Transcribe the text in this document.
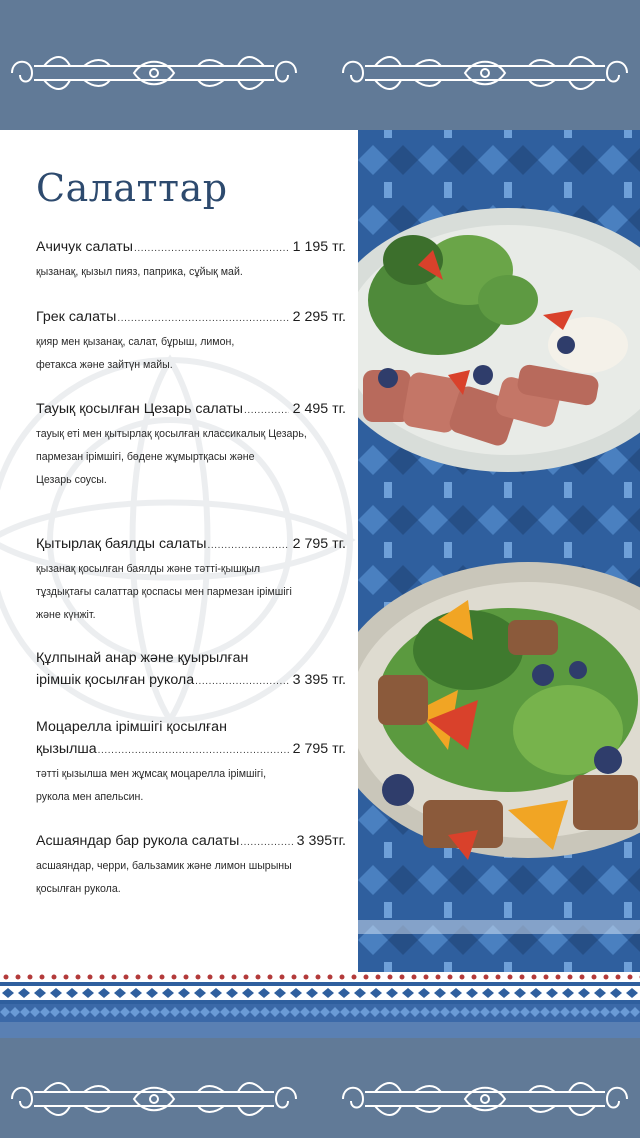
Салаттар
Ачичук салаты .....	1 195 тг.
қызанақ, қызыл пияз, паприка, сұйық май.
Грек салаты .....	2 295 тг.
қияр мен қызанақ, салат, бұрыш, лимон,
фетакса және зайтүн майы.
Тауық қосылған Цезарь салаты .....	2 495 тг.
тауық еті мен қытырлақ қосылған классикалық Цезарь,
пармезан ірімшігі, бөдене жұмыртқасы және
Цезарь соусы.
Қытырлақ баялды салаты .....	2 795 тг.
қызанақ қосылған баялды және тәтті-қышқыл
тұздықтағы салаттар қоспасы мен пармезан ірімшігі
және күнжіт.
Құлпынай анар және қуырылған
ірімшік қосылған рукола .....	3 395 тг.
Моцарелла ірімшігі қосылған
қызылша .....	2 795 тг.
тәтті қызылша мен жұмсақ моцарелла ірімшігі,
рукола мен апельсин.
Асшаяндар бар рукола салаты .....	3 395тг.
асшаяндар, черри, бальзамик және лимон шырыны
қосылған рукола.
